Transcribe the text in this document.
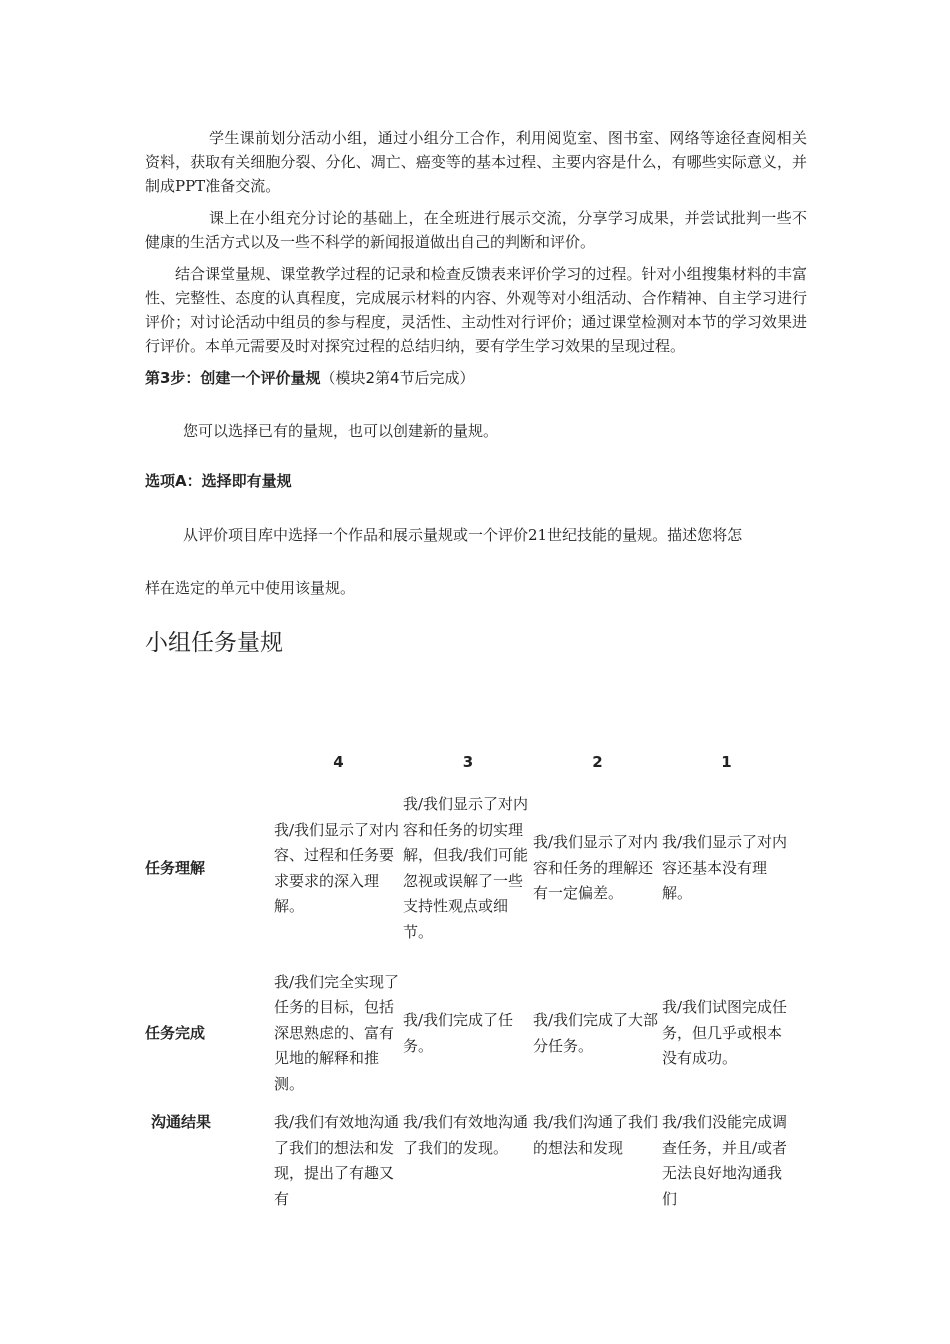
学生课前划分活动小组，通过小组分工合作，利用阅览室、图书室、网络等途径查阅相关资料，获取有关细胞分裂、分化、凋亡、癌变等的基本过程、主要内容是什么，有哪些实际意义，并制成PPT准备交流。

课上在小组充分讨论的基础上，在全班进行展示交流，分享学习成果，并尝试批判一些不健康的生活方式以及一些不科学的新闻报道做出自己的判断和评价。

结合课堂量规、课堂教学过程的记录和检查反馈表来评价学习的过程。针对小组搜集材料的丰富性、完整性、态度的认真程度，完成展示材料的内容、外观等对小组活动、合作精神、自主学习进行评价；对讨论活动中组员的参与程度，灵活性、主动性对行评价；通过课堂检测对本节的学习效果进行评价。本单元需要及时对探究过程的总结归纳，要有学生学习效果的呈现过程。

第3步：创建一个评价量规（模块2第4节后完成）

您可以选择已有的量规，也可以创建新的量规。

选项A：选择即有量规

从评价项目库中选择一个作品和展示量规或一个评价21世纪技能的量规。描述您将怎

样在选定的单元中使用该量规。

小组任务量规
	4	3	2	1
任务理解	我/我们显示了对内容、过程和任务要求要求的深入理解。	我/我们显示了对内容和任务的切实理解，但我/我们可能忽视或误解了一些支持性观点或细节。	我/我们显示了对内容和任务的理解还有一定偏差。	我/我们显示了对内容还基本没有理解。
任务完成	我/我们完全实现了任务的目标，包括深思熟虑的、富有见地的解释和推测。	我/我们完成了任务。	我/我们完成了大部分任务。	我/我们试图完成任务，但几乎或根本没有成功。
沟通结果	我/我们有效地沟通了我们的想法和发现，提出了有趣又有	我/我们有效地沟通了我们的发现。	我/我们沟通了我们的想法和发现	我/我们没能完成调查任务，并且/或者无法良好地沟通我们
